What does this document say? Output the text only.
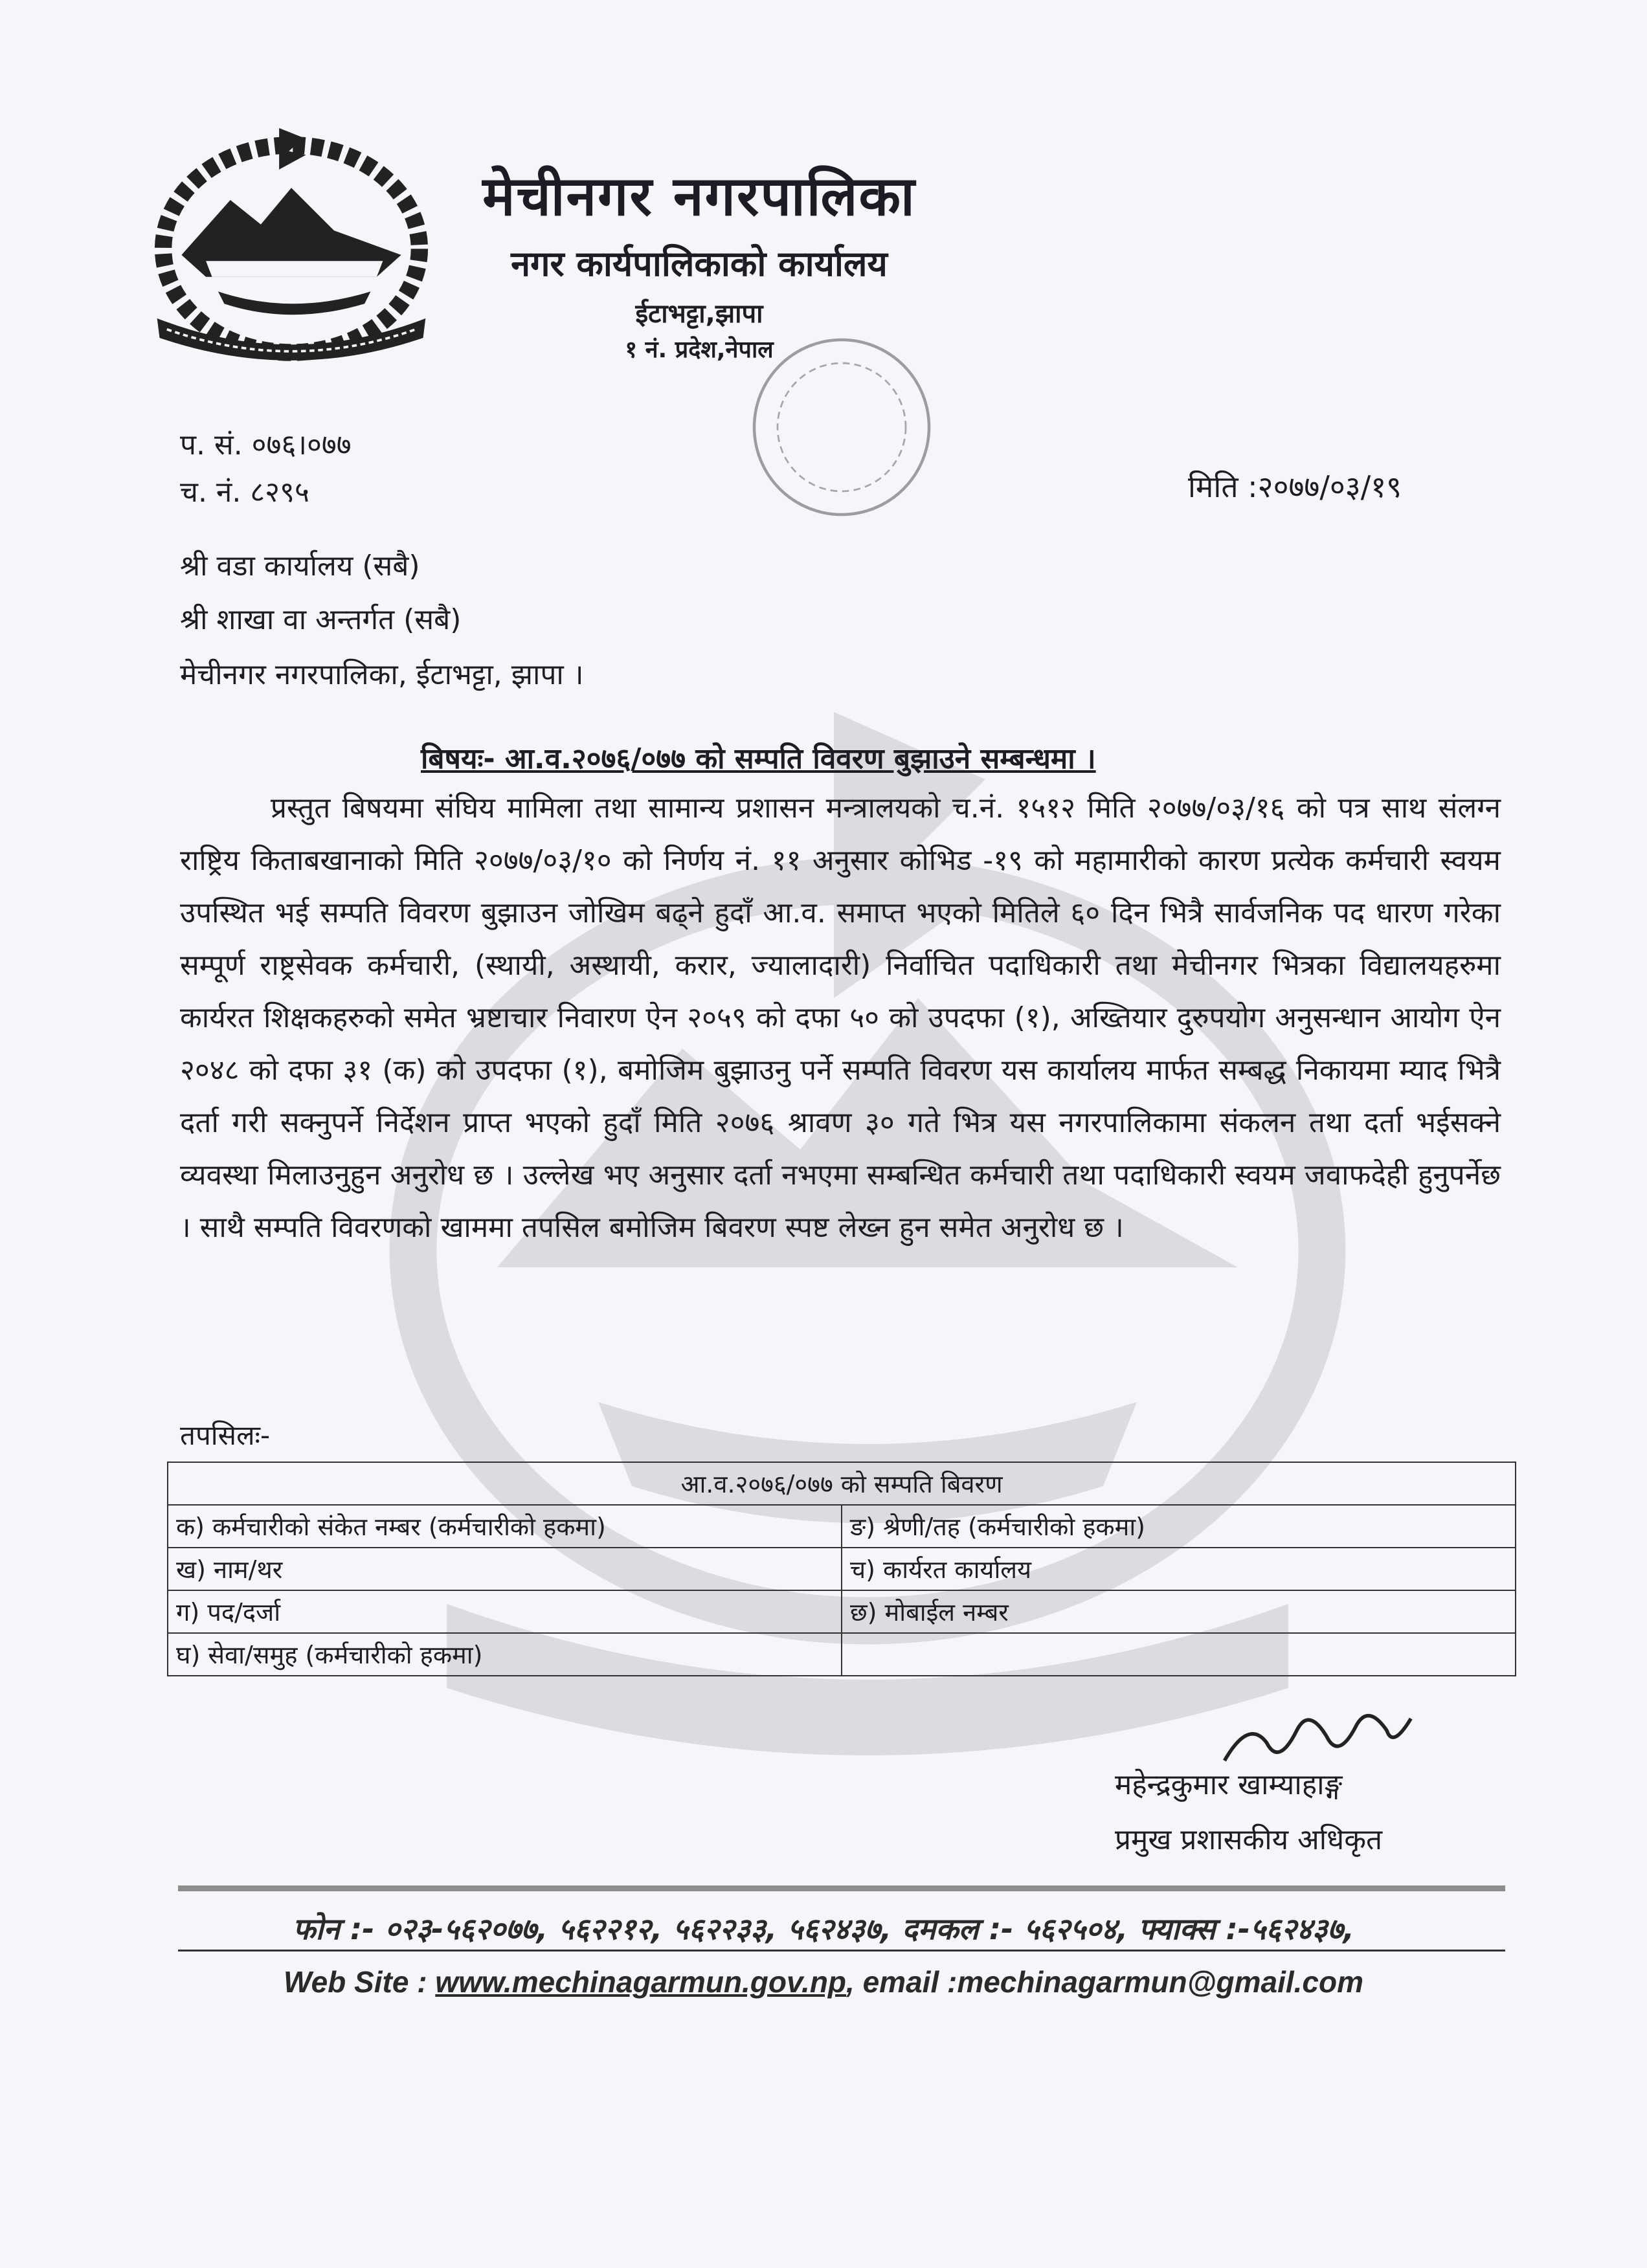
मेचीनगर नगरपालिका
नगर कार्यपालिकाको कार्यालय
ईटाभट्टा,झापा
१ नं. प्रदेश,नेपाल
प. सं. ०७६।०७७
च. नं. ८२९५	मिति :२०७७/०३/१९
श्री वडा कार्यालय (सबै)
श्री शाखा वा अन्तर्गत (सबै)
मेचीनगर नगरपालिका, ईटाभट्टा, झापा ।
बिषयः- आ.व.२०७६/०७७ को सम्पति विवरण बुझाउने सम्बन्धमा ।
प्रस्तुत बिषयमा संघिय मामिला तथा सामान्य प्रशासन मन्त्रालयको च.नं. १५१२ मिति २०७७/०३/१६ को पत्र साथ संलग्न राष्ट्रिय किताबखानाको मिति २०७७/०३/१० को निर्णय नं. ११ अनुसार कोभिड -१९ को महामारीको कारण प्रत्येक कर्मचारी स्वयम उपस्थित भई सम्पति विवरण बुझाउन जोखिम बढ्ने हुदाँ आ.व. समाप्त भएको मितिले ६० दिन भित्रै सार्वजनिक पद धारण गरेका सम्पूर्ण राष्ट्रसेवक कर्मचारी, (स्थायी, अस्थायी, करार, ज्यालादारी) निर्वाचित पदाधिकारी तथा मेचीनगर भित्रका विद्यालयहरुमा कार्यरत शिक्षकहरुको समेत भ्रष्टाचार निवारण ऐन २०५९ को दफा ५० को उपदफा (१), अख्तियार दुरुपयोग अनुसन्धान आयोग ऐन २०४८ को दफा ३१ (क) को उपदफा (१), बमोजिम बुझाउनु पर्ने सम्पति विवरण यस कार्यालय मार्फत सम्बद्ध निकायमा म्याद भित्रै दर्ता गरी सक्नुपर्ने निर्देशन प्राप्त भएको हुदाँ मिति २०७६ श्रावण ३० गते भित्र यस नगरपालिकामा संकलन तथा दर्ता भईसक्ने व्यवस्था मिलाउनुहुन अनुरोध छ । उल्लेख भए अनुसार दर्ता नभएमा सम्बन्धित कर्मचारी तथा पदाधिकारी स्वयम जवाफदेही हुनुपर्नेछ । साथै सम्पति विवरणको खाममा तपसिल बमोजिम बिवरण स्पष्ट लेख्न हुन समेत अनुरोध छ ।
तपसिलः-
आ.व.२०७६/०७७ को सम्पति बिवरण	
क) कर्मचारीको संकेत नम्बर (कर्मचारीको हकमा)	ङ) श्रेणी/तह (कर्मचारीको हकमा)
ख) नाम/थर	च) कार्यरत कार्यालय
ग) पद/दर्जा	छ) मोबाईल नम्बर
घ) सेवा/समुह (कर्मचारीको हकमा)	
महेन्द्रकुमार खाम्याहाङ्ग
प्रमुख प्रशासकीय अधिकृत
फोन :- ०२३-५६२०७७, ५६२२१२, ५६२२३३, ५६२४३७, दमकल :- ५६२५०४, फ्याक्स :-५६२४३७,
Web Site : www.mechinagarmun.gov.np, email :mechinagarmun@gmail.com
